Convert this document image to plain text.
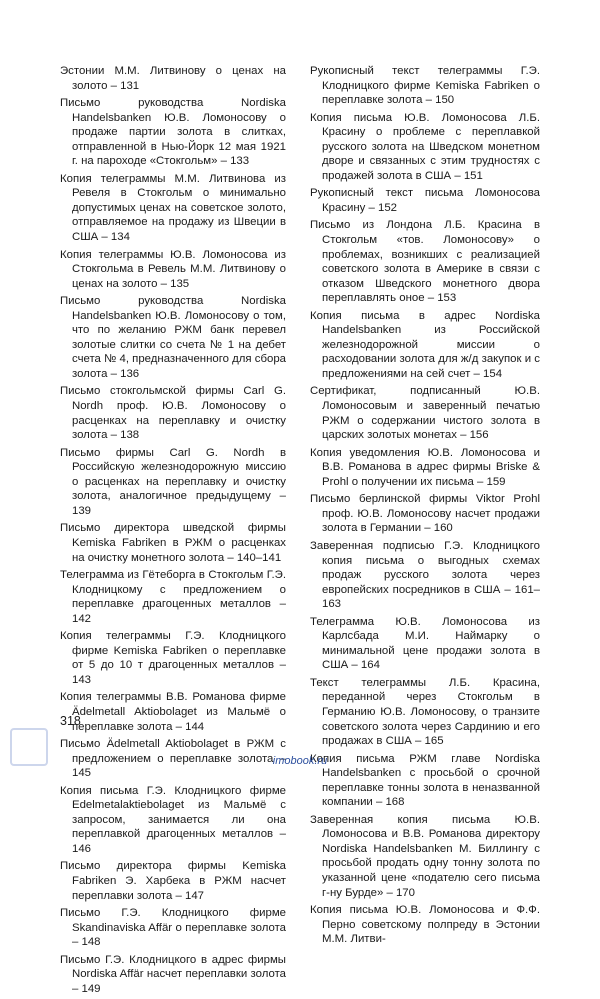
Эстонии М.М. Литвинову о ценах на золото – 131

Письмо руководства Nordiska Handelsbanken Ю.В. Ломоносову о продаже партии золота в слитках, отправленной в Нью-Йорк 12 мая 1921 г. на пароходе «Стокгольм» – 133

Копия телеграммы М.М. Литвинова из Ревеля в Стокгольм о минимально допустимых ценах на советское золото, отправляемое на продажу из Швеции в США – 134

Копия телеграммы Ю.В. Ломоносова из Стокгольма в Ревель М.М. Литвинову о ценах на золото – 135

Письмо руководства Nordiska Handelsbanken Ю.В. Ломоносову о том, что по желанию РЖМ банк перевел золотые слитки со счета № 1 на дебет счета № 4, предназначенного для сбора золота – 136

Письмо стокгольмской фирмы Carl G. Nordh проф. Ю.В. Ломоносову о расценках на переплавку и очистку золота – 138

Письмо фирмы Carl G. Nordh в Российскую железнодорожную миссию о расценках на переплавку и очистку золота, аналогичное предыдущему – 139

Письмо директора шведской фирмы Kemiska Fabriken в РЖМ о расценках на очистку монетного золота – 140–141

Телеграмма из Гётеборга в Стокгольм Г.Э. Клодницкому с предложением о переплавке драгоценных металлов – 142

Копия телеграммы Г.Э. Клодницкого фирме Kemiska Fabriken о переплавке от 5 до 10 т драгоценных металлов – 143

Копия телеграммы В.В. Романова фирме Ädelmetall Aktiobolaget из Мальмё о переплавке золота – 144

Письмо Ädelmetall Aktiobolaget в РЖМ с предложением о переплавке золота – 145

Копия письма Г.Э. Клодницкого фирме Edelmetalaktiebolaget из Мальмё с запросом, занимается ли она переплавкой драгоценных металлов – 146

Письмо директора фирмы Kemiska Fabriken Э. Харбека в РЖМ насчет переплавки золота – 147

Письмо Г.Э. Клодницкого фирме Skandinaviska Affär о переплавке золота – 148

Письмо Г.Э. Клодницкого в адрес фирмы Nordiska Affär насчет переплавки золота – 149

Рукописный текст телеграммы Г.Э. Клодницкого фирме Kemiska Fabriken о переплавке золота – 150

Копия письма Ю.В. Ломоносова Л.Б. Красину о проблеме с переплавкой русского золота на Шведском монетном дворе и связанных с этим трудностях с продажей золота в США – 151

Рукописный текст письма Ломоносова Красину – 152

Письмо из Лондона Л.Б. Красина в Стокгольм «тов. Ломоносову» о проблемах, возникших с реализацией советского золота в Америке в связи с отказом Шведского монетного двора переплавлять оное – 153

Копия письма в адрес Nordiska Handelsbanken из Российской железнодорожной миссии о расходовании золота для ж/д закупок и с предложениями на сей счет – 154

Сертификат, подписанный Ю.В. Ломоносовым и заверенный печатью РЖМ о содержании чистого золота в царских золотых монетах – 156

Копия уведомления Ю.В. Ломоносова и В.В. Романова в адрес фирмы Briske & Prohl о получении их письма – 159

Письмо берлинской фирмы Viktor Prohl проф. Ю.В. Ломоносову насчет продажи золота в Германии – 160

Заверенная подписью Г.Э. Клодницкого копия письма о выгодных схемах продаж русского золота через европейских посредников в США – 161–163

Телеграмма Ю.В. Ломоносова из Карлсбада М.И. Наймарку о минимальной цене продажи золота в США – 164

Текст телеграммы Л.Б. Красина, переданной через Стокгольм в Германию Ю.В. Ломоносову, о транзите советского золота через Сардинию и его продажах в США – 165

Копия письма РЖМ главе Nordiska Handelsbanken с просьбой о срочной переплавке тонны золота в неназванной компании – 168

Заверенная копия письма Ю.В. Ломоносова и В.В. Романова директору Nordiska Handelsbanken М. Биллингу с просьбой продать одну тонну золота по указанной цене «подателю сего письма г-ну Бурде» – 170

Копия письма Ю.В. Ломоносова и Ф.Ф. Перно советскому полпреду в Эстонии М.М. Литви-

318
imobook.ru
